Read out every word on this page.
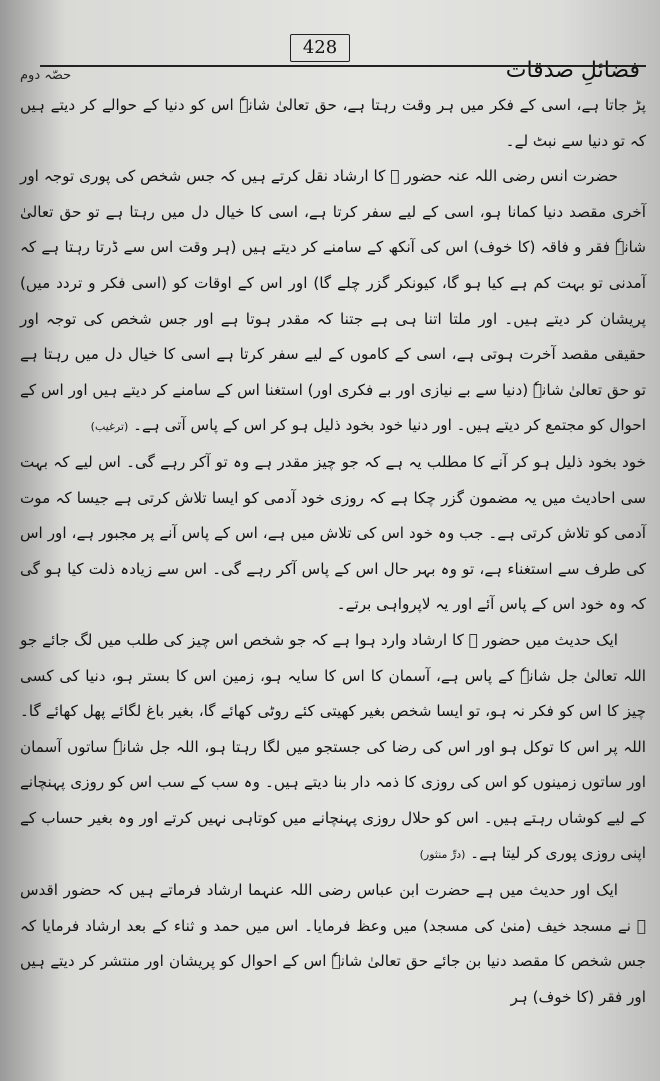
فضائلِ صدقات
حصّہ دوم
428

پڑ جاتا ہے، اسی کے فکر میں ہر وقت رہتا ہے، حق تعالیٰ شانہٗ اس کو دنیا کے حوالے کر دیتے ہیں کہ تو دنیا سے نبٹ لے۔

حضرت انس رضی اللہ عنہ حضور ﷺ کا ارشاد نقل کرتے ہیں کہ جس شخص کی پوری توجہ اور آخری مقصد دنیا کمانا ہو، اسی کے لیے سفر کرتا ہے، اسی کا خیال دل میں رہتا ہے تو حق تعالیٰ شانہٗ فقر و فاقہ (کا خوف) اس کی آنکھ کے سامنے کر دیتے ہیں (ہر وقت اس سے ڈرتا رہتا ہے کہ آمدنی تو بہت کم ہے کیا ہو گا، کیونکر گزر چلے گا) اور اس کے اوقات کو (اسی فکر و تردد میں) پریشان کر دیتے ہیں۔ اور ملتا اتنا ہی ہے جتنا کہ مقدر ہوتا ہے اور جس شخص کی توجہ اور حقیقی مقصد آخرت ہوتی ہے، اسی کے کاموں کے لیے سفر کرتا ہے اسی کا خیال دل میں رہتا ہے تو حق تعالیٰ شانہٗ (دنیا سے بے نیازی اور بے فکری اور) استغنا اس کے سامنے کر دیتے ہیں اور اس کے احوال کو مجتمع کر دیتے ہیں۔ اور دنیا خود بخود ذلیل ہو کر اس کے پاس آتی ہے۔ (ترغیب)

خود بخود ذلیل ہو کر آنے کا مطلب یہ ہے کہ جو چیز مقدر ہے وہ تو آکر رہے گی۔ اس لیے کہ بہت سی احادیث میں یہ مضمون گزر چکا ہے کہ روزی خود آدمی کو ایسا تلاش کرتی ہے جیسا کہ موت آدمی کو تلاش کرتی ہے۔ جب وہ خود اس کی تلاش میں ہے، اس کے پاس آنے پر مجبور ہے، اور اس کی طرف سے استغناء ہے، تو وہ بہر حال اس کے پاس آکر رہے گی۔ اس سے زیادہ ذلت کیا ہو گی کہ وہ خود اس کے پاس آئے اور یہ لاپرواہی برتے۔

ایک حدیث میں حضور ﷺ کا ارشاد وارد ہوا ہے کہ جو شخص اس چیز کی طلب میں لگ جائے جو اللہ تعالیٰ جل شانہٗ کے پاس ہے، آسمان کا اس کا سایہ ہو، زمین اس کا بستر ہو، دنیا کی کسی چیز کا اس کو فکر نہ ہو، تو ایسا شخص بغیر کھیتی کئے روٹی کھائے گا، بغیر باغ لگائے پھل کھائے گا۔ اللہ پر اس کا توکل ہو اور اس کی رضا کی جستجو میں لگا رہتا ہو، اللہ جل شانہٗ ساتوں آسمان اور ساتوں زمینوں کو اس کی روزی کا ذمہ دار بنا دیتے ہیں۔ وہ سب کے سب اس کو روزی پہنچانے کے لیے کوشاں رہتے ہیں۔ اس کو حلال روزی پہنچانے میں کوتاہی نہیں کرتے اور وہ بغیر حساب کے اپنی روزی پوری کر لیتا ہے۔ (درِّ منثور)

ایک اور حدیث میں ہے حضرت ابن عباس رضی اللہ عنہما ارشاد فرماتے ہیں کہ حضور اقدس ﷺ نے مسجد خیف (منیٰ کی مسجد) میں وعظ فرمایا۔ اس میں حمد و ثناء کے بعد ارشاد فرمایا کہ جس شخص کا مقصد دنیا بن جائے حق تعالیٰ شانہٗ اس کے احوال کو پریشان اور منتشر کر دیتے ہیں اور فقر (کا خوف) ہر
